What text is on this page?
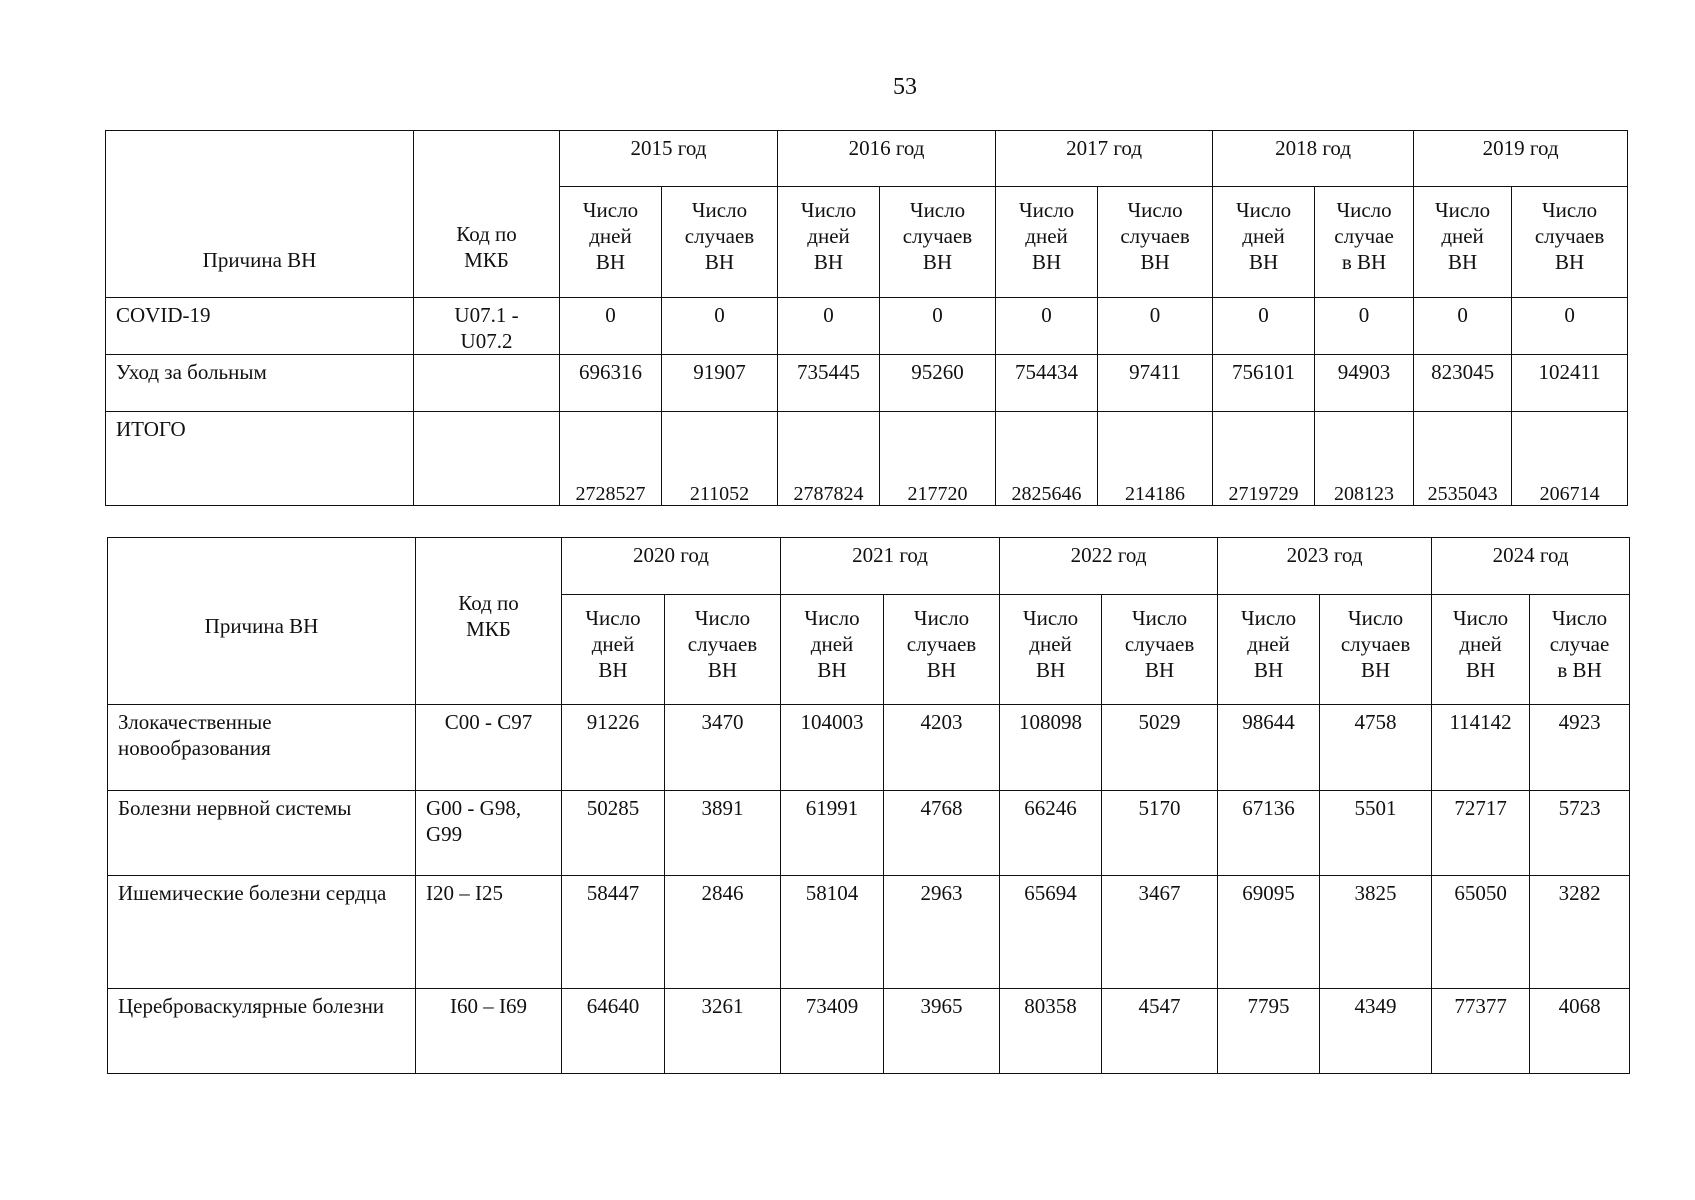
53
Причина ВН	Код по МКБ	2015 год		2016 год		2017 год		2018 год		2019 год	

		Число дней ВН	Число случаев ВН	Число дней ВН	Число случаев ВН	Число дней ВН	Число случаев ВН	Число дней ВН	Число случае в ВН	Число дней ВН	Число случаев ВН

COVID-19	U07.1 - U07.2	0	0	0	0	0	0	0	0	0	0
Уход за больным		696316	91907	735445	95260	754434	97411	756101	94903	823045	102411
ИТОГО		2728527	211052	2787824	217720	2825646	214186	2719729	208123	2535043	206714
Причина ВН	Код по МКБ	2020 год		2021 год		2022 год		2023 год		2024 год	

		Число дней ВН	Число случаев ВН	Число дней ВН	Число случаев ВН	Число дней ВН	Число случаев ВН	Число дней ВН	Число случаев ВН	Число дней ВН	Число случае в ВН

Злокачественные новообразования	C00 - C97	91226	3470	104003	4203	108098	5029	98644	4758	114142	4923
Болезни нервной системы	G00 - G98, G99	50285	3891	61991	4768	66246	5170	67136	5501	72717	5723
Ишемические болезни сердца	I20 – I25	58447	2846	58104	2963	65694	3467	69095	3825	65050	3282
Цереброваскулярные болезни	I60 – I69	64640	3261	73409	3965	80358	4547	7795	4349	77377	4068
